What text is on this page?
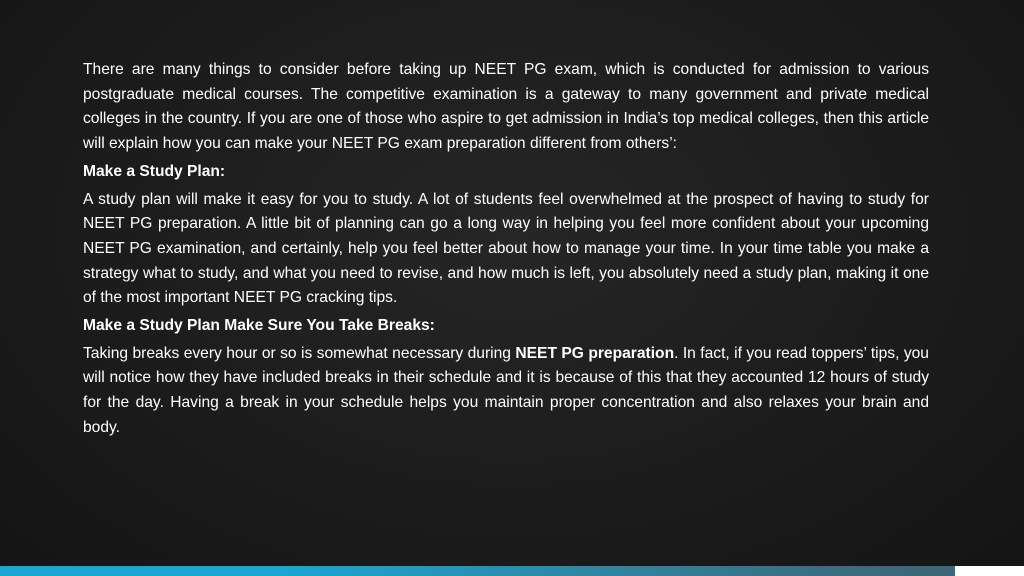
There are many things to consider before taking up NEET PG exam, which is conducted for admission to various postgraduate medical courses. The competitive examination is a gateway to many government and private medical colleges in the country. If you are one of those who aspire to get admission in India’s top medical colleges, then this article will explain how you can make your NEET PG exam preparation different from others’:

Make a Study Plan:

A study plan will make it easy for you to study. A lot of students feel overwhelmed at the prospect of having to study for NEET PG preparation. A little bit of planning can go a long way in helping you feel more confident about your upcoming NEET PG examination, and certainly, help you feel better about how to manage your time. In your time table you make a strategy what to study, and what you need to revise, and how much is left, you absolutely need a study plan, making it one of the most important NEET PG cracking tips.

Make a Study Plan Make Sure You Take Breaks:

Taking breaks every hour or so is somewhat necessary during NEET PG preparation. In fact, if you read toppers’ tips, you will notice how they have included breaks in their schedule and it is because of this that they accounted 12 hours of study for the day. Having a break in your schedule helps you maintain proper concentration and also relaxes your brain and body.
